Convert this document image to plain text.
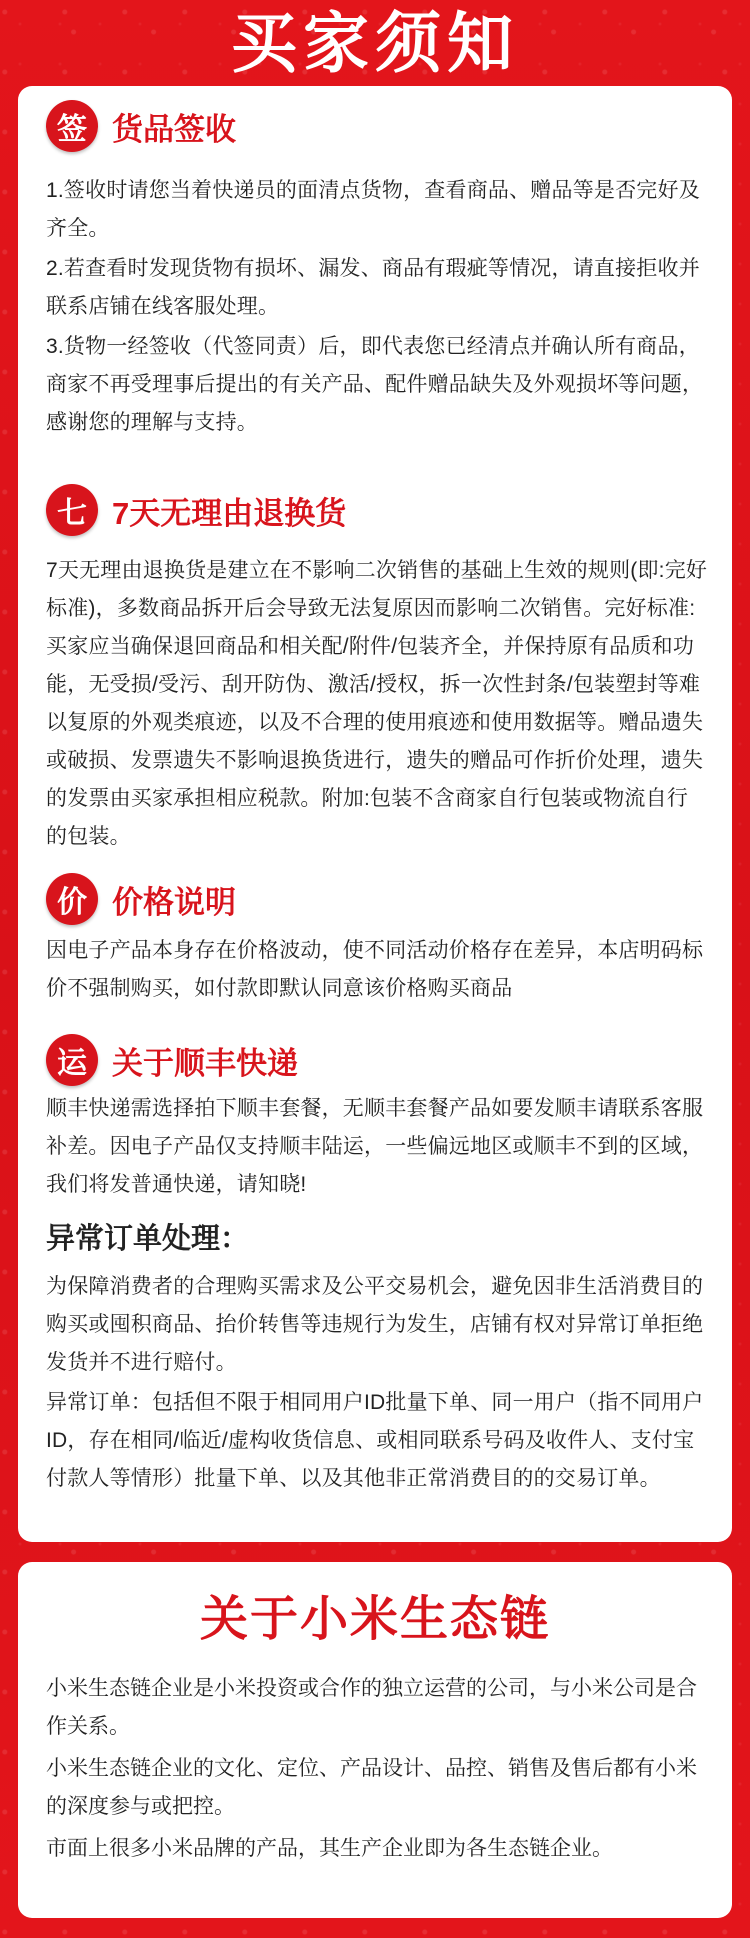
买家须知
签 货品签收

1.签收时请您当着快递员的面清点货物，查看商品、赠品等是否完好及齐全。

2.若查看时发现货物有损坏、漏发、商品有瑕疵等情况，请直接拒收并联系店铺在线客服处理。

3.货物一经签收（代签同责）后，即代表您已经清点并确认所有商品，商家不再受理事后提出的有关产品、配件赠品缺失及外观损坏等问题，感谢您的理解与支持。

七 7天无理由退换货

7天无理由退换货是建立在不影响二次销售的基础上生效的规则(即:完好标准)，多数商品拆开后会导致无法复原因而影响二次销售。完好标准:买家应当确保退回商品和相关配/附件/包装齐全，并保持原有品质和功能，无受损/受污、刮开防伪、激活/授权，拆一次性封条/包装塑封等难以复原的外观类痕迹，以及不合理的使用痕迹和使用数据等。赠品遗失或破损、发票遗失不影响退换货进行，遗失的赠品可作折价处理，遗失的发票由买家承担相应税款。附加:包装不含商家自行包装或物流自行的包装。

价 价格说明

因电子产品本身存在价格波动，使不同活动价格存在差异，本店明码标价不强制购买，如付款即默认同意该价格购买商品

运 关于顺丰快递

顺丰快递需选择拍下顺丰套餐，无顺丰套餐产品如要发顺丰请联系客服补差。因电子产品仅支持顺丰陆运，一些偏远地区或顺丰不到的区域，我们将发普通快递，请知晓!

异常订单处理：

为保障消费者的合理购买需求及公平交易机会，避免因非生活消费目的购买或囤积商品、抬价转售等违规行为发生，店铺有权对异常订单拒绝发货并不进行赔付。

异常订单：包括但不限于相同用户ID批量下单、同一用户（指不同用户ID，存在相同/临近/虚构收货信息、或相同联系号码及收件人、支付宝付款人等情形）批量下单、以及其他非正常消费目的的交易订单。

关于小米生态链

小米生态链企业是小米投资或合作的独立运营的公司，与小米公司是合作关系。

小米生态链企业的文化、定位、产品设计、品控、销售及售后都有小米的深度参与或把控。

市面上很多小米品牌的产品，其生产企业即为各生态链企业。
